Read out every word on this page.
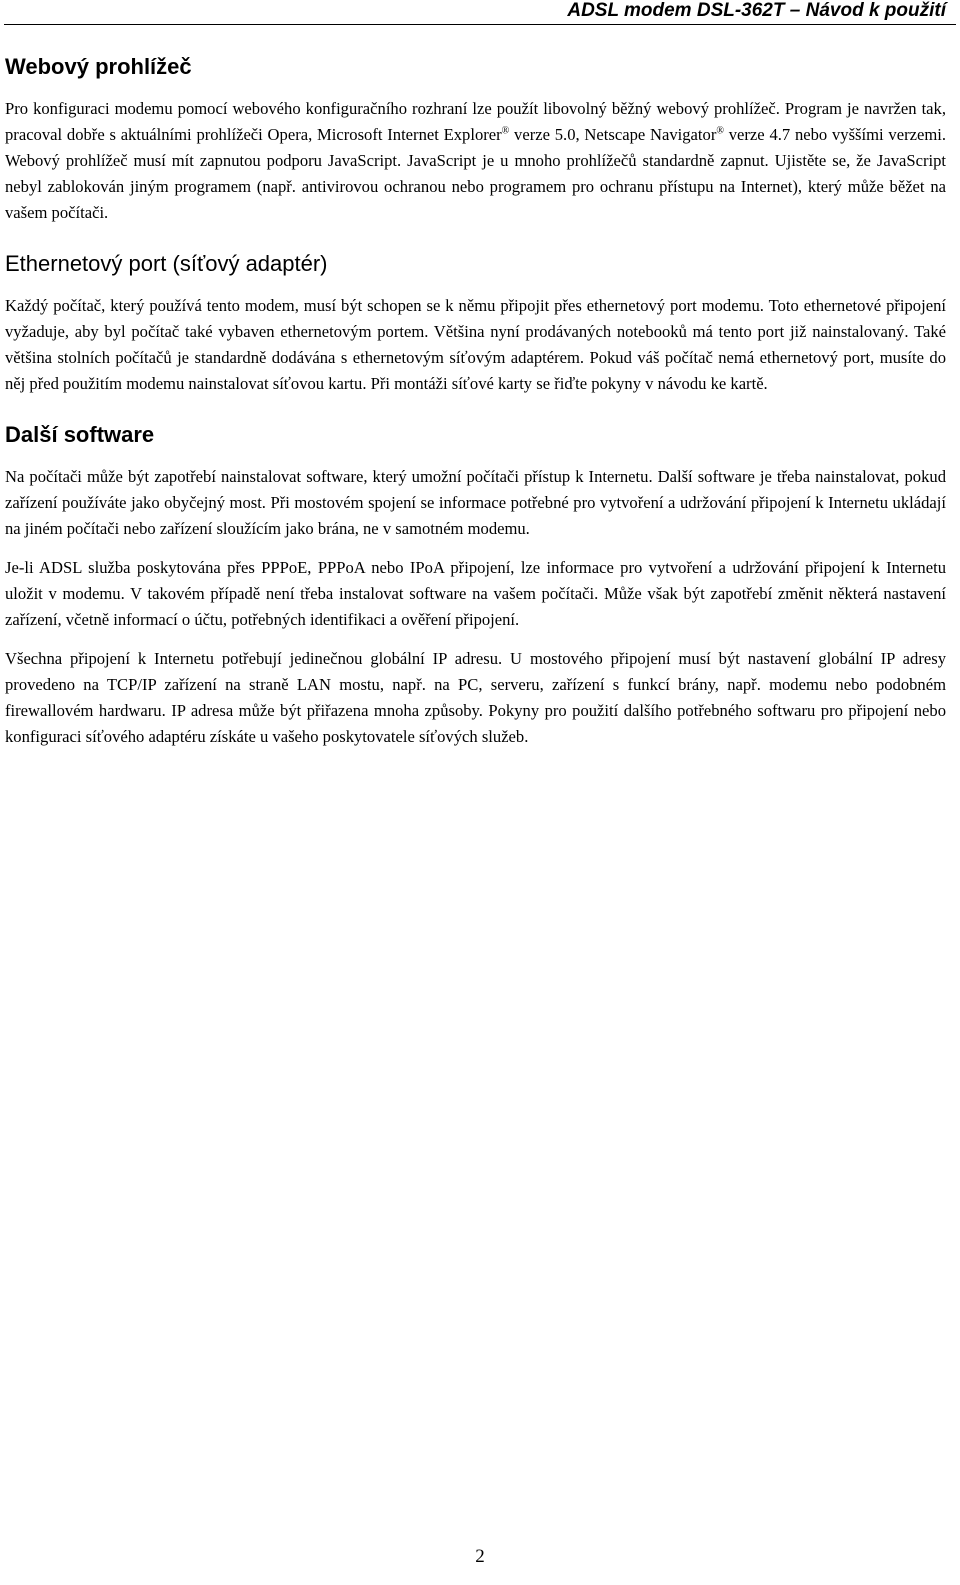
ADSL modem DSL-362T – Návod k použití
Webový prohlížeč

Pro konfiguraci modemu pomocí webového konfiguračního rozhraní lze použít libovolný běžný webový prohlížeč. Program je navržen tak, pracoval dobře s aktuálními prohlížeči Opera, Microsoft Internet Explorer® verze 5.0, Netscape Navigator® verze 4.7 nebo vyššími verzemi. Webový prohlížeč musí mít zapnutou podporu JavaScript. JavaScript je u mnoho prohlížečů standardně zapnut. Ujistěte se, že JavaScript nebyl zablokován jiným programem (např. antivirovou ochranou nebo programem pro ochranu přístupu na Internet), který může běžet na vašem počítači.

Ethernetový port (síťový adaptér)

Každý počítač, který používá tento modem, musí být schopen se k němu připojit přes ethernetový port modemu. Toto ethernetové připojení vyžaduje, aby byl počítač také vybaven ethernetovým portem. Většina nyní prodávaných notebooků má tento port již nainstalovaný. Také většina stolních počítačů je standardně dodávána s ethernetovým síťovým adaptérem. Pokud váš počítač nemá ethernetový port, musíte do něj před použitím modemu nainstalovat síťovou kartu. Při montáži síťové karty se řiďte pokyny v návodu ke kartě.

Další software

Na počítači může být zapotřebí nainstalovat software, který umožní počítači přístup k Internetu. Další software je třeba nainstalovat, pokud zařízení používáte jako obyčejný most. Při mostovém spojení se informace potřebné pro vytvoření a udržování připojení k Internetu ukládají na jiném počítači nebo zařízení sloužícím jako brána, ne v samotném modemu.

Je-li ADSL služba poskytována přes PPPoE, PPPoA nebo IPoA připojení, lze informace pro vytvoření a udržování připojení k Internetu uložit v modemu. V takovém případě není třeba instalovat software na vašem počítači. Může však být zapotřebí změnit některá nastavení zařízení, včetně informací o účtu, potřebných identifikaci a ověření připojení.

Všechna připojení k Internetu potřebují jedinečnou globální IP adresu. U mostového připojení musí být nastavení globální IP adresy provedeno na TCP/IP zařízení na straně LAN mostu, např. na PC, serveru, zařízení s funkcí brány, např. modemu nebo podobném firewallovém hardwaru. IP adresa může být přiřazena mnoha způsoby. Pokyny pro použití dalšího potřebného softwaru pro připojení nebo konfiguraci síťového adaptéru získáte u vašeho poskytovatele síťových služeb.

2
